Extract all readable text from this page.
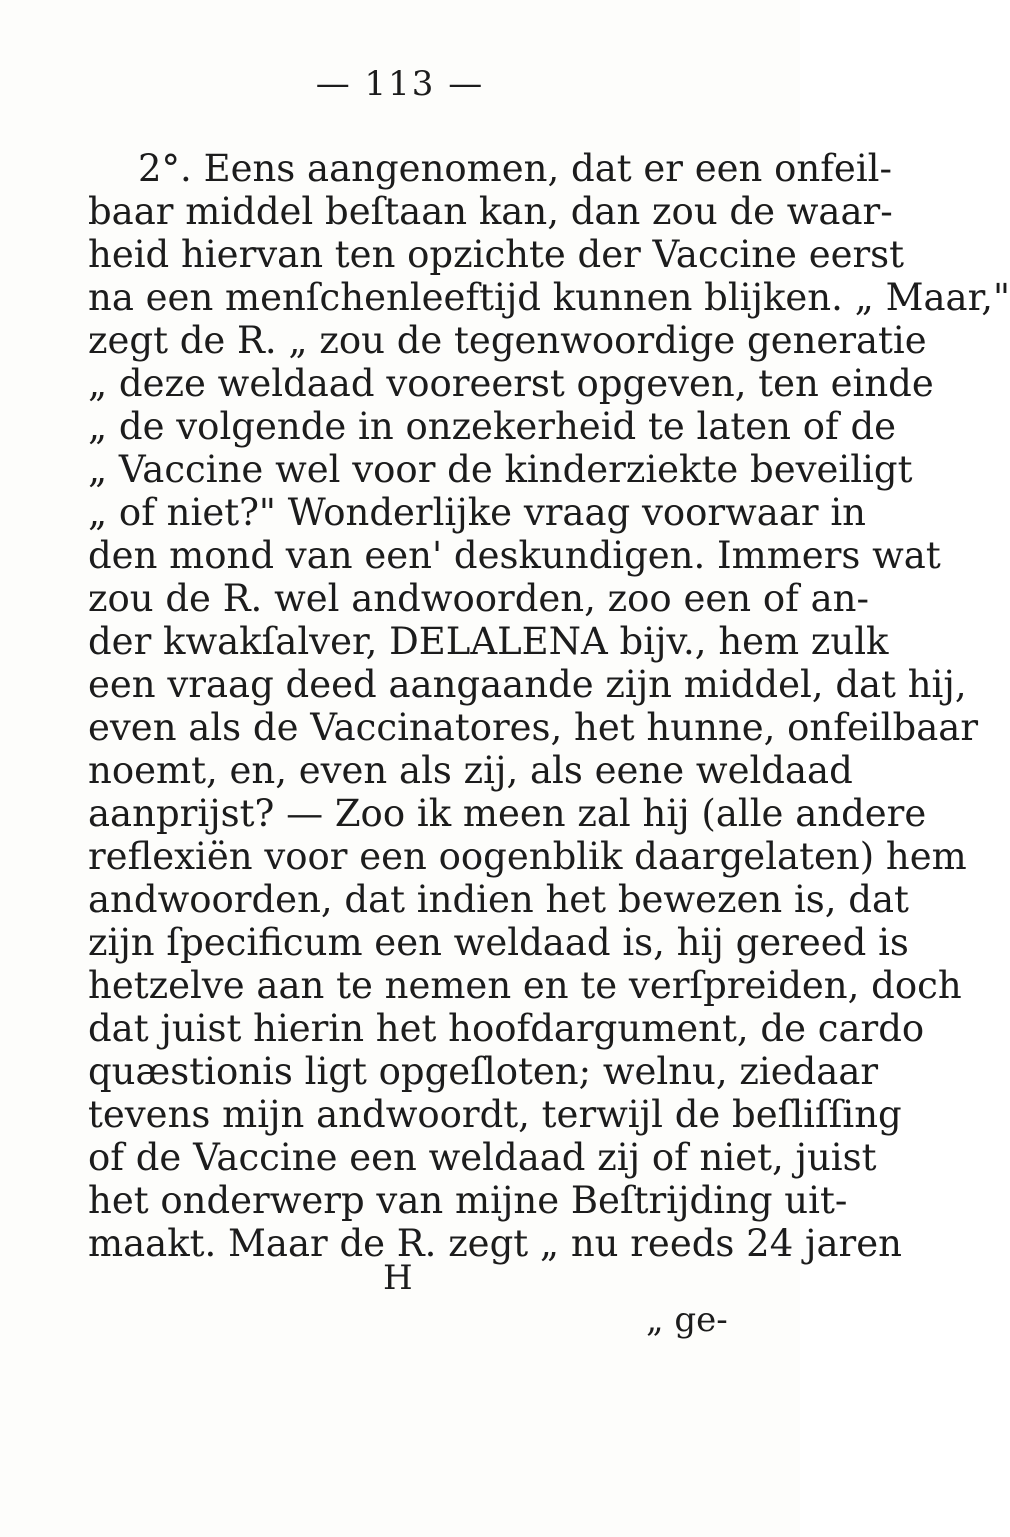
— 113 —
2°. Eens aangenomen, dat er een onfeil-
baar middel beſtaan kan, dan zou de waar-
heid hiervan ten opzichte der Vaccine eerst
na een menſchenleeftijd kunnen blijken. „ Maar,"
zegt de R. „ zou de tegenwoordige generatie
„ deze weldaad vooreerst opgeven, ten einde
„ de volgende in onzekerheid te laten of de
„ Vaccine wel voor de kinderziekte beveiligt
„ of niet?" Wonderlijke vraag voorwaar in
den mond van een' deskundigen. Immers wat
zou de R. wel andwoorden, zoo een of an-
der kwakſalver, DELALENA bijv., hem zulk
een vraag deed aangaande zijn middel, dat hij,
even als de Vaccinatores, het hunne, onfeilbaar
noemt, en, even als zij, als eene weldaad
aanprijst? — Zoo ik meen zal hij (alle andere
reflexiën voor een oogenblik daargelaten) hem
andwoorden, dat indien het bewezen is, dat
zijn ſpecificum een weldaad is, hij gereed is
hetzelve aan te nemen en te verſpreiden, doch
dat juist hierin het hoofdargument, de cardo
quæstionis ligt opgeſloten; welnu, ziedaar
tevens mijn andwoordt, terwijl de beſliſſing
of de Vaccine een weldaad zij of niet, juist
het onderwerp van mijne Beſtrijding uit-
maakt. Maar de R. zegt „ nu reeds 24 jaren
H
„ ge-
